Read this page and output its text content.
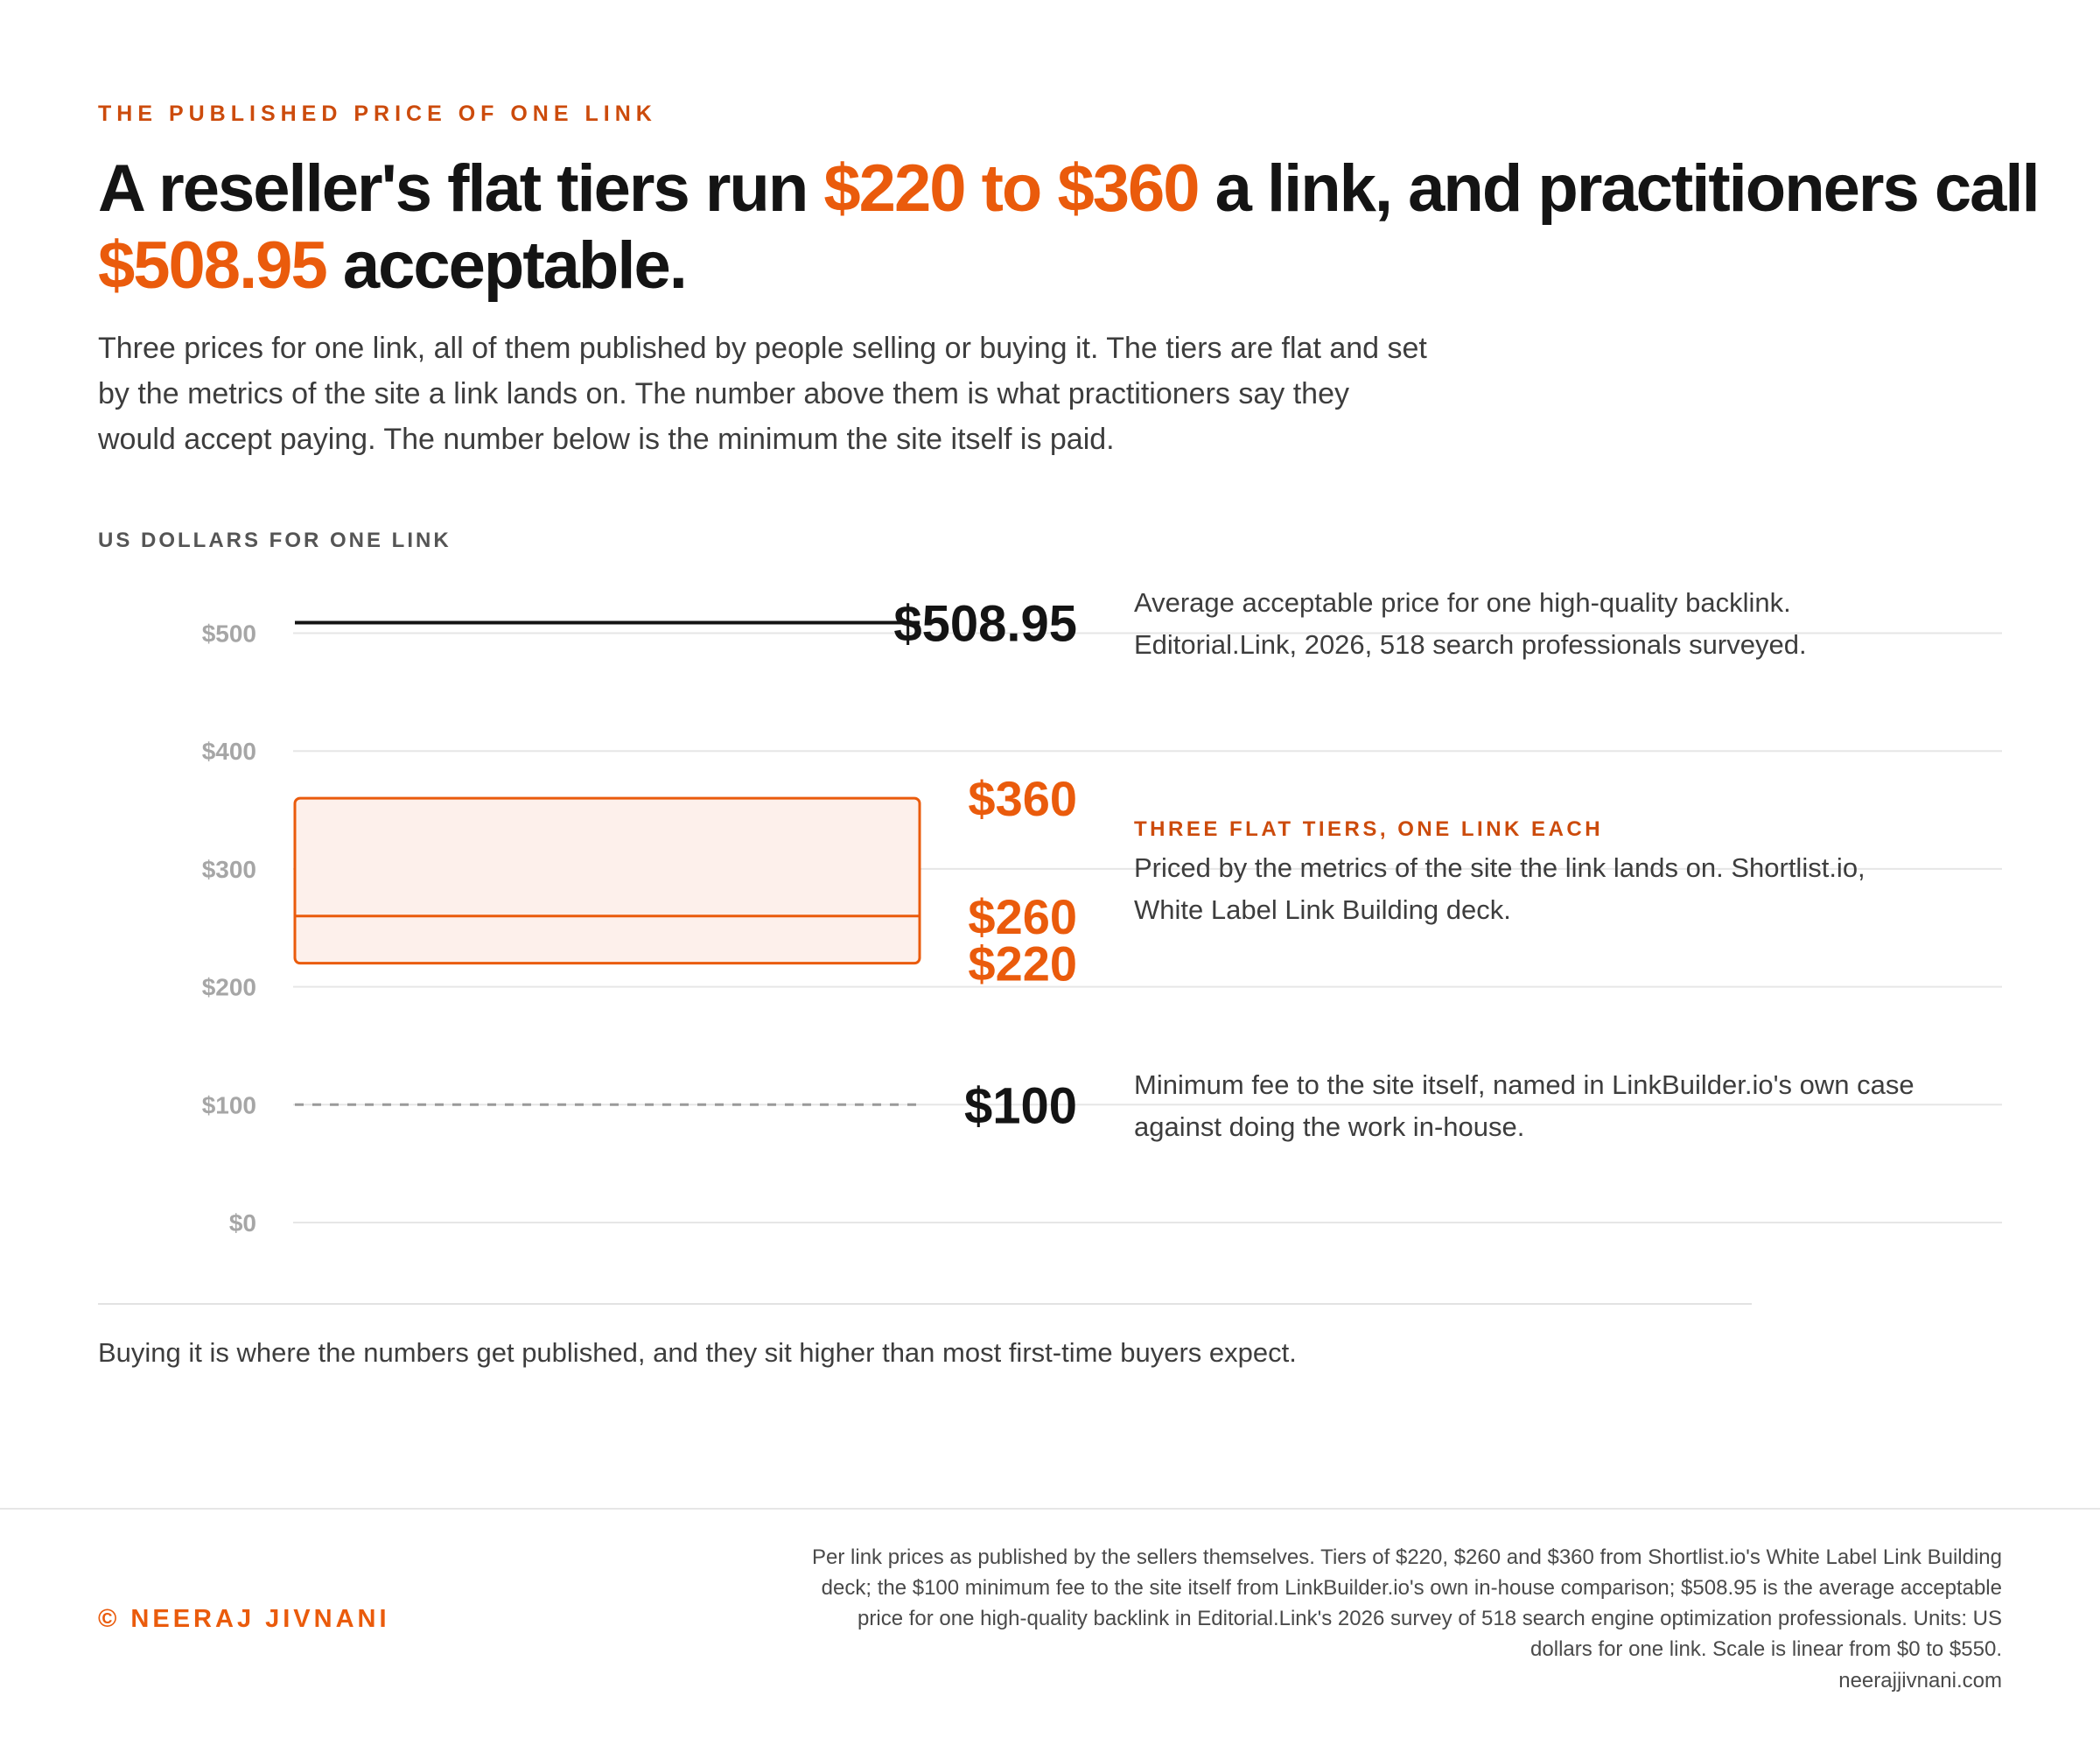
THE PUBLISHED PRICE OF ONE LINK
A reseller's flat tiers run $220 to $360 a link, and practitioners call $508.95 acceptable.

Three prices for one link, all of them published by people selling or buying it. The tiers are flat and set by the metrics of the site a link lands on. The number above them is what practitioners say they would accept paying. The number below is the minimum the site itself is paid.

US DOLLARS FOR ONE LINK
$0
$100
$200
$300
$400
$500	$508.95
$360
$260
$220
$100
Average acceptable price for one high-quality backlink. Editorial.Link, 2026, 518 search professionals surveyed.
THREE FLAT TIERS, ONE LINK EACH
Priced by the metrics of the site the link lands on. Shortlist.io, White Label Link Building deck.
Minimum fee to the site itself, named in LinkBuilder.io's own case against doing the work in-house.
Buying it is where the numbers get published, and they sit higher than most first-time buyers expect.
© NEERAJ JIVNANI
Per link prices as published by the sellers themselves. Tiers of $220, $260 and $360 from Shortlist.io's White Label Link Building deck; the $100 minimum fee to the site itself from LinkBuilder.io's own in-house comparison; $508.95 is the average acceptable price for one high-quality backlink in Editorial.Link's 2026 survey of 518 search engine optimization professionals. Units: US dollars for one link. Scale is linear from $0 to $550.
neerajjivnani.com
